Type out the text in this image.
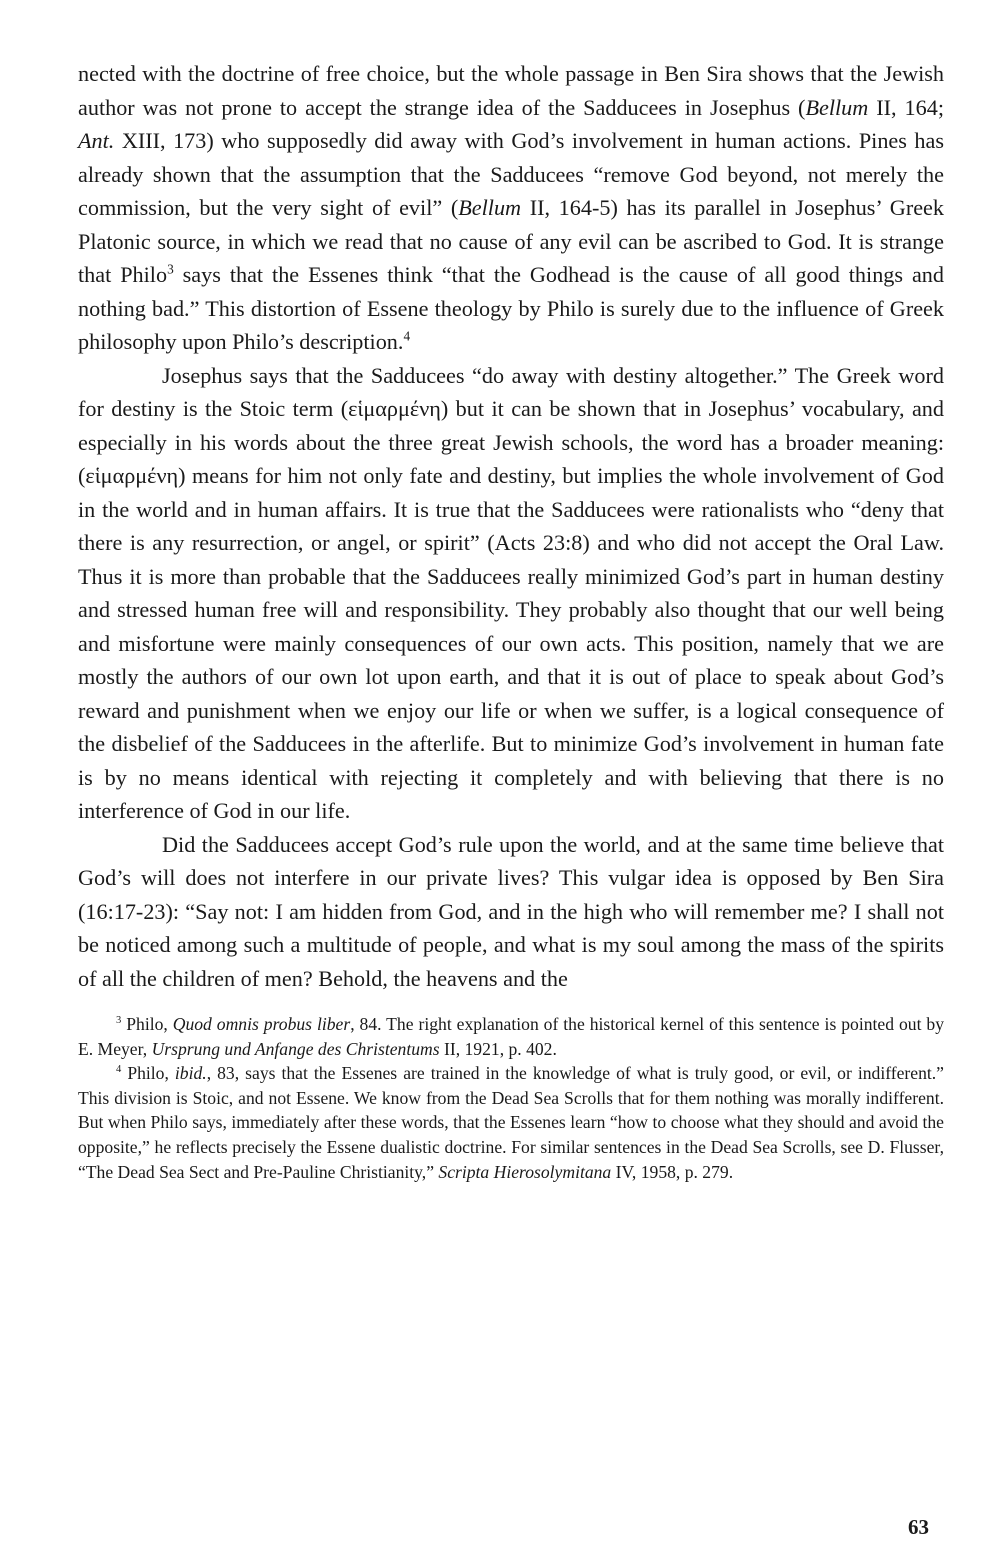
nected with the doctrine of free choice, but the whole passage in Ben Sira shows that the Jewish author was not prone to accept the strange idea of the Sadducees in Josephus (Bellum II, 164; Ant. XIII, 173) who supposedly did away with God’s involvement in human actions. Pines has already shown that the assumption that the Sadducees “remove God beyond, not merely the commission, but the very sight of evil” (Bellum II, 164-5) has its parallel in Josephus’ Greek Platonic source, in which we read that no cause of any evil can be ascribed to God. It is strange that Philo$^3$ says that the Essenes think “that the Godhead is the cause of all good things and nothing bad.” This distortion of Essene theology by Philo is surely due to the influence of Greek philosophy upon Philo’s description.$^4$

Josephus says that the Sadducees “do away with destiny altogether.” The Greek word for destiny is the Stoic term (εἱμαρμένη) but it can be shown that in Josephus’ vocabulary, and especially in his words about the three great Jewish schools, the word has a broader meaning: (εἱμαρμένη) means for him not only fate and destiny, but implies the whole involvement of God in the world and in human affairs. It is true that the Sadducees were rationalists who “deny that there is any resurrection, or angel, or spirit” (Acts 23:8) and who did not accept the Oral Law. Thus it is more than probable that the Sadducees really minimized God’s part in human destiny and stressed human free will and responsibility. They probably also thought that our well being and misfortune were mainly consequences of our own acts. This position, namely that we are mostly the authors of our own lot upon earth, and that it is out of place to speak about God’s reward and punishment when we enjoy our life or when we suffer, is a logical consequence of the disbelief of the Sadducees in the afterlife. But to minimize God’s involvement in human fate is by no means identical with rejecting it completely and with believing that there is no interference of God in our life.

Did the Sadducees accept God’s rule upon the world, and at the same time believe that God’s will does not interfere in our private lives? This vulgar idea is opposed by Ben Sira (16:17-23): “Say not: I am hidden from God, and in the high who will remember me? I shall not be noticed among such a multitude of people, and what is my soul among the mass of the spirits of all the children of men? Behold, the heavens and the

$^3$ Philo, Quod omnis probus liber, 84. The right explanation of the historical kernel of this sentence is pointed out by E. Meyer, Ursprung und Anfange des Christentums II, 1921, p. 402.

$^4$ Philo, ibid., 83, says that the Essenes are trained in the knowledge of what is truly good, or evil, or indifferent.” This division is Stoic, and not Essene. We know from the Dead Sea Scrolls that for them nothing was morally indifferent. But when Philo says, immediately after these words, that the Essenes learn “how to choose what they should and avoid the opposite,” he reflects precisely the Essene dualistic doctrine. For similar sentences in the Dead Sea Scrolls, see D. Flusser, “The Dead Sea Sect and Pre-Pauline Christianity,” Scripta Hierosolymitana IV, 1958, p. 279.

63
